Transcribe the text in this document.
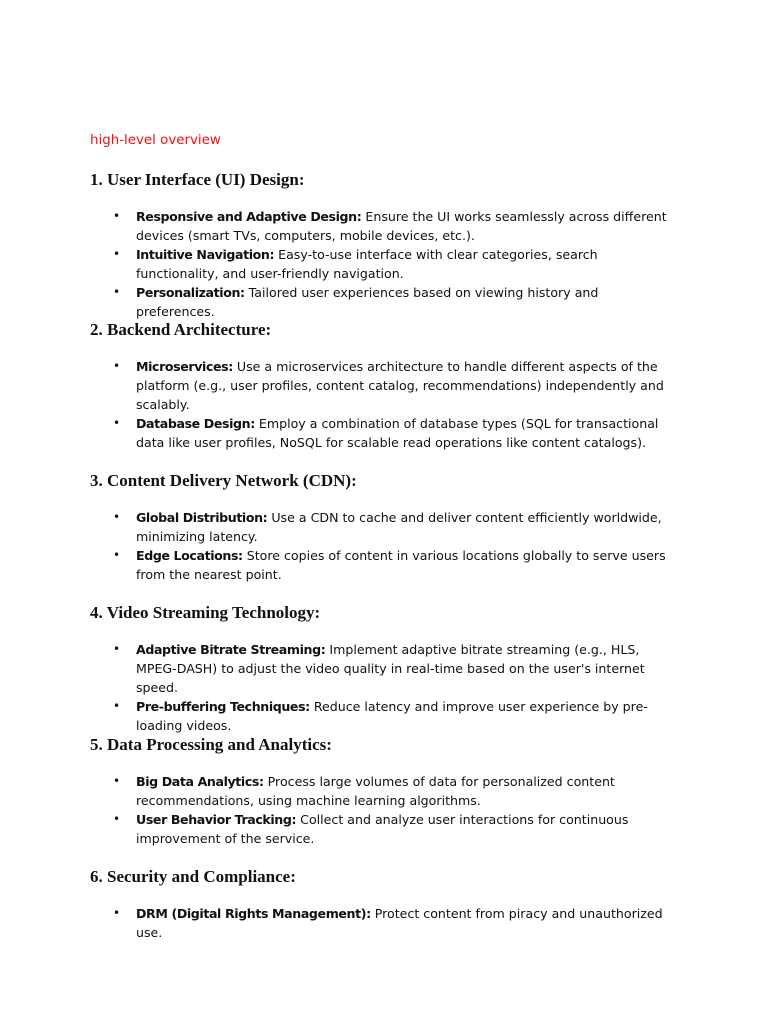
high-level overview

1. User Interface (UI) Design:
• Responsive and Adaptive Design: Ensure the UI works seamlessly across different devices (smart TVs, computers, mobile devices, etc.).
• Intuitive Navigation: Easy-to-use interface with clear categories, search functionality, and user-friendly navigation.
• Personalization: Tailored user experiences based on viewing history and preferences.
2. Backend Architecture:
• Microservices: Use a microservices architecture to handle different aspects of the platform (e.g., user profiles, content catalog, recommendations) independently and scalably.
• Database Design: Employ a combination of database types (SQL for transactional data like user profiles, NoSQL for scalable read operations like content catalogs).
3. Content Delivery Network (CDN):
• Global Distribution: Use a CDN to cache and deliver content efficiently worldwide, minimizing latency.
• Edge Locations: Store copies of content in various locations globally to serve users from the nearest point.
4. Video Streaming Technology:
• Adaptive Bitrate Streaming: Implement adaptive bitrate streaming (e.g., HLS, MPEG-DASH) to adjust the video quality in real-time based on the user's internet speed.
• Pre-buffering Techniques: Reduce latency and improve user experience by pre-loading videos.
5. Data Processing and Analytics:
• Big Data Analytics: Process large volumes of data for personalized content recommendations, using machine learning algorithms.
• User Behavior Tracking: Collect and analyze user interactions for continuous improvement of the service.
6. Security and Compliance:
• DRM (Digital Rights Management): Protect content from piracy and unauthorized use.
